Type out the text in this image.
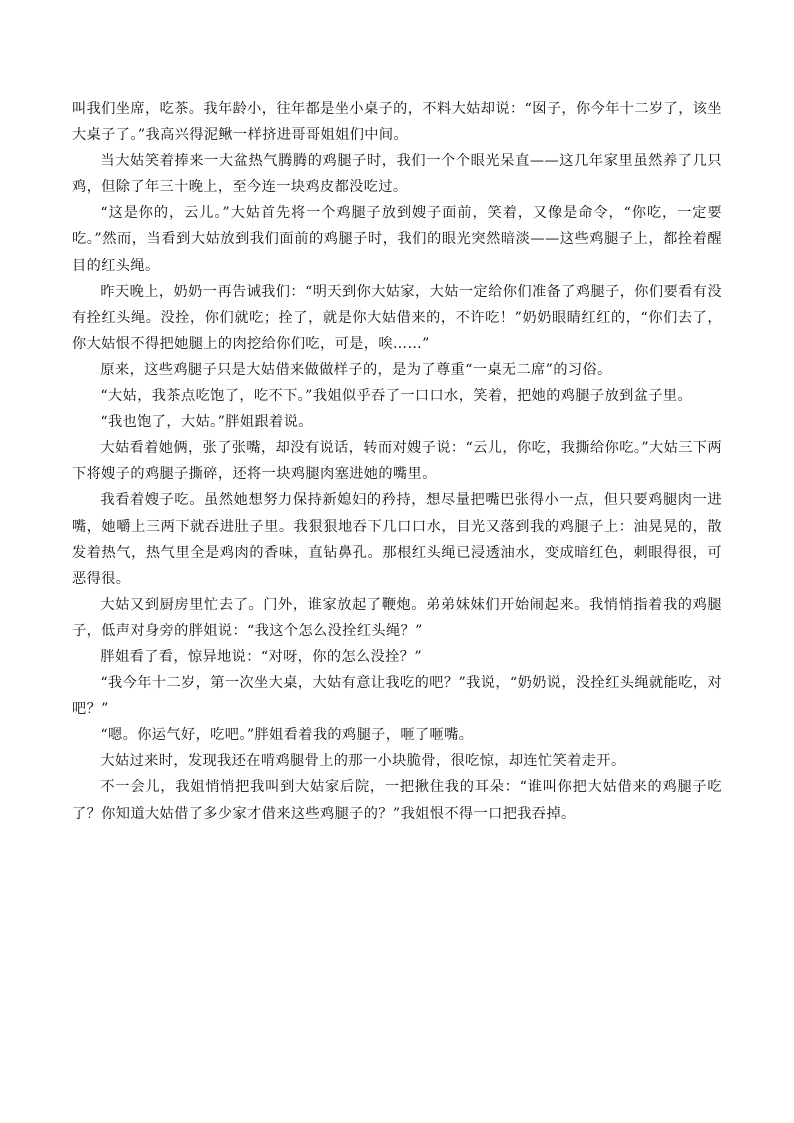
叫我们坐席，吃茶。我年龄小，往年都是坐小桌子的，不料大姑却说：“囡子，你今年十二岁了，该坐大桌子了。”我高兴得泥鳅一样挤进哥哥姐姐们中间。

当大姑笑着捧来一大盆热气腾腾的鸡腿子时，我们一个个眼光呆直——这几年家里虽然养了几只鸡，但除了年三十晚上，至今连一块鸡皮都没吃过。

“这是你的，云儿。”大姑首先将一个鸡腿子放到嫂子面前，笑着，又像是命令，“你吃，一定要吃。”然而，当看到大姑放到我们面前的鸡腿子时，我们的眼光突然暗淡——这些鸡腿子上，都拴着醒目的红头绳。

昨天晚上，奶奶一再告诫我们：“明天到你大姑家，大姑一定给你们准备了鸡腿子，你们要看有没有拴红头绳。没拴，你们就吃；拴了，就是你大姑借来的，不许吃！”奶奶眼睛红红的，“你们去了，你大姑恨不得把她腿上的肉挖给你们吃，可是，唉……”

原来，这些鸡腿子只是大姑借来做做样子的，是为了尊重“一桌无二席”的习俗。

“大姑，我茶点吃饱了，吃不下。”我姐似乎吞了一口口水，笑着，把她的鸡腿子放到盆子里。

“我也饱了，大姑。”胖姐跟着说。

大姑看着她俩，张了张嘴，却没有说话，转而对嫂子说：“云儿，你吃，我撕给你吃。”大姑三下两下将嫂子的鸡腿子撕碎，还将一块鸡腿肉塞进她的嘴里。

我看着嫂子吃。虽然她想努力保持新媳妇的矜持，想尽量把嘴巴张得小一点，但只要鸡腿肉一进嘴，她嚼上三两下就吞进肚子里。我狠狠地吞下几口口水，目光又落到我的鸡腿子上：油晃晃的，散发着热气，热气里全是鸡肉的香味，直钻鼻孔。那根红头绳已浸透油水，变成暗红色，刺眼得很，可恶得很。

大姑又到厨房里忙去了。门外，谁家放起了鞭炮。弟弟妹妹们开始闹起来。我悄悄指着我的鸡腿子，低声对身旁的胖姐说：“我这个怎么没拴红头绳？”

胖姐看了看，惊异地说：“对呀，你的怎么没拴？”

“我今年十二岁，第一次坐大桌，大姑有意让我吃的吧？”我说，“奶奶说，没拴红头绳就能吃，对吧？”

“嗯。你运气好，吃吧。”胖姐看着我的鸡腿子，咂了咂嘴。

大姑过来时，发现我还在啃鸡腿骨上的那一小块脆骨，很吃惊，却连忙笑着走开。

不一会儿，我姐悄悄把我叫到大姑家后院，一把揪住我的耳朵：“谁叫你把大姑借来的鸡腿子吃了？你知道大姑借了多少家才借来这些鸡腿子的？”我姐恨不得一口把我吞掉。
